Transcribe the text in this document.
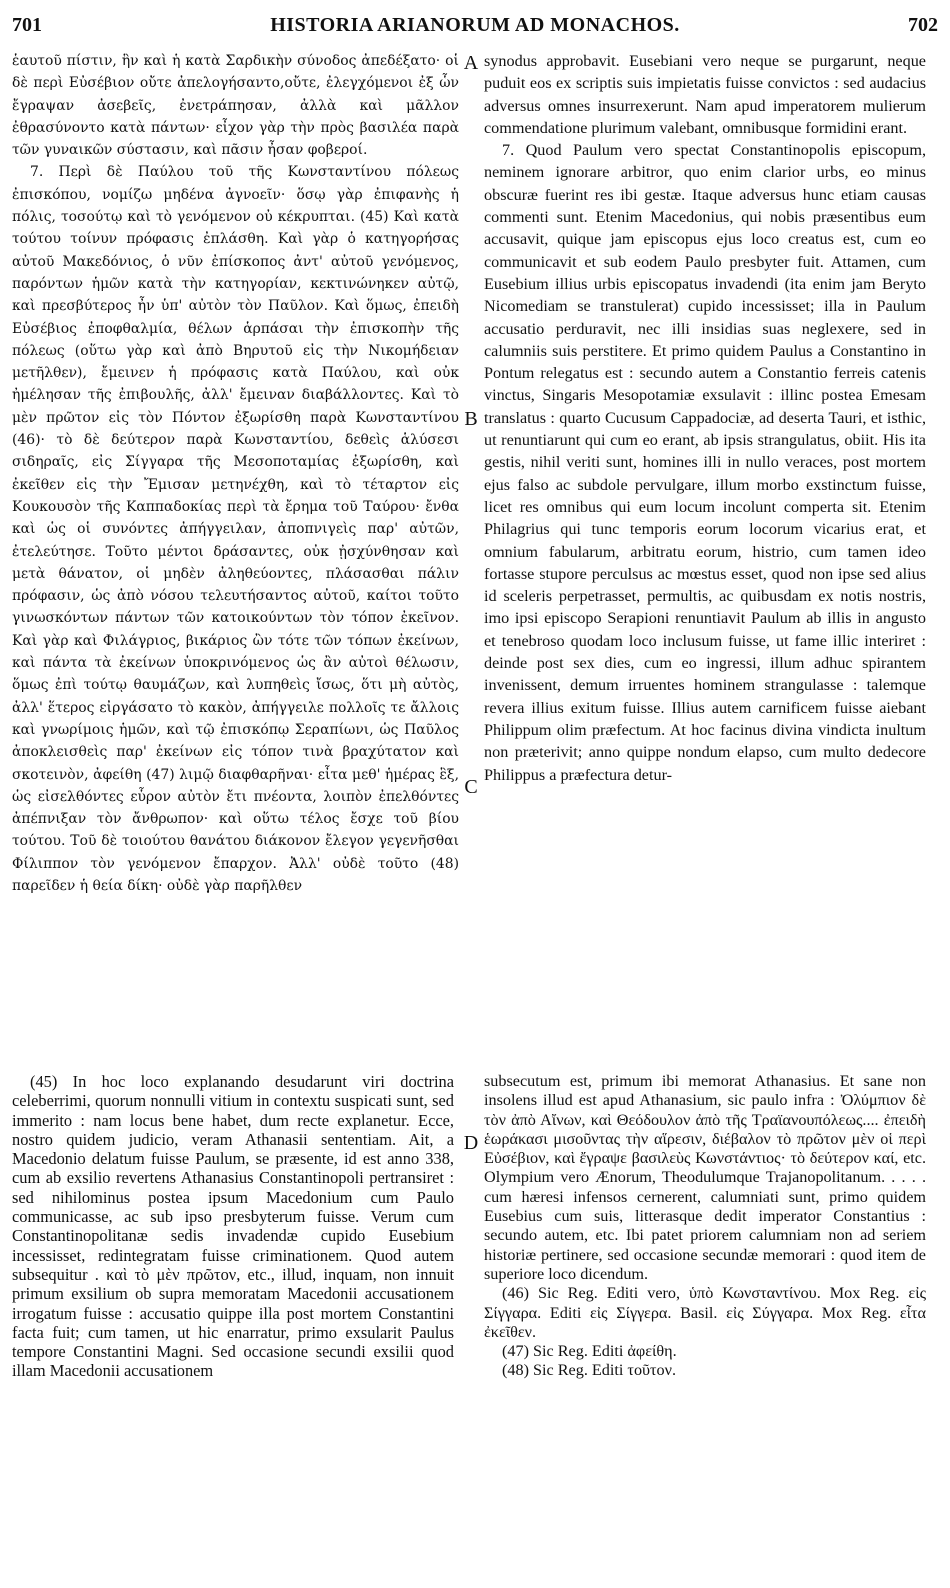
701	HISTORIA ARIANORUM AD MONACHOS.	702

ἑαυτοῦ πίστιν, ἣν καὶ ἡ κατὰ Σαρδικὴν σύνοδος ἀπεδέξατο· οἱ δὲ περὶ Εὐσέβιον οὔτε ἀπελογήσαντο,οὔτε, ἐλεγχόμενοι ἐξ ὧν ἔγραψαν ἀσεβεῖς, ἐνετράπησαν, ἀλλὰ καὶ μᾶλλον ἐθρασύνοντο κατὰ πάντων· εἶχον γὰρ τὴν πρὸς βασιλέα παρὰ τῶν γυναικῶν σύστασιν, καὶ πᾶσιν ἦσαν φοβεροί.

7. Περὶ δὲ Παύλου τοῦ τῆς Κωνσταντίνου πόλεως ἐπισκόπου, νομίζω μηδένα ἀγνοεῖν· ὅσῳ γὰρ ἐπιφανὴς ἡ πόλις, τοσούτῳ καὶ τὸ γενόμενον οὐ κέκρυπται. (45) Καὶ κατὰ τούτου τοίνυν πρόφασις ἐπλάσθη. Καὶ γὰρ ὁ κατηγορήσας αὐτοῦ Μακεδόνιος, ὁ νῦν ἐπίσκοπος ἀντ' αὐτοῦ γενόμενος, παρόντων ἡμῶν κατὰ τὴν κατηγορίαν, κεκτινώνηκεν αὐτῷ, καὶ πρεσβύτερος ἦν ὑπ' αὐτὸν τὸν Παῦλον. Καὶ ὅμως, ἐπειδὴ Εὐσέβιος ἐποφθαλμία, θέλων ἁρπάσαι τὴν ἐπισκοπὴν τῆς πόλεως (οὕτω γὰρ καὶ ἀπὸ Βηρυτοῦ εἰς τὴν Νικομήδειαν μετῆλθεν), ἔμεινεν ἡ πρόφασις κατὰ Παύλου, καὶ οὐκ ἠμέλησαν τῆς ἐπιβουλῆς, ἀλλ' ἔμειναν διαβάλλοντες. Καὶ τὸ μὲν πρῶτον εἰς τὸν Πόντον ἐξωρίσθη παρὰ Κωνσταντίνου (46)· τὸ δὲ δεύτερον παρὰ Κωνσταντίου, δεθεὶς ἁλύσεσι σιδηραῖς, εἰς Σίγγαρα τῆς Μεσοποταμίας ἐξωρίσθη, καὶ ἐκεῖθεν εἰς τὴν Ἔμισαν μετηνέχθη, καὶ τὸ τέταρτον εἰς Κουκουσὸν τῆς Καππαδοκίας περὶ τὰ ἔρημα τοῦ Ταύρου· ἔνθα καὶ ὡς οἱ συνόντες ἀπήγγειλαν, ἀποπνιγεὶς παρ' αὐτῶν, ἐτελεύτησε. Τοῦτο μέντοι δράσαντες, οὐκ ᾐσχύνθησαν καὶ μετὰ θάνατον, οἱ μηδὲν ἀληθεύοντες, πλάσασθαι πάλιν πρόφασιν, ὡς ἀπὸ νόσου τελευτήσαντος αὐτοῦ, καίτοι τοῦτο γινωσκόντων πάντων τῶν κατοικούντων τὸν τόπον ἐκεῖνον. Καὶ γὰρ καὶ Φιλάγριος, βικάριος ὢν τότε τῶν τόπων ἐκείνων, καὶ πάντα τὰ ἐκείνων ὑποκρινόμενος ὡς ἂν αὐτοὶ θέλωσιν, ὅμως ἐπὶ τούτῳ θαυμάζων, καὶ λυπηθεὶς ἴσως, ὅτι μὴ αὐτὸς, ἀλλ' ἕτερος εἰργάσατο τὸ κακὸν, ἀπήγγειλε πολλοῖς τε ἄλλοις καὶ γνωρίμοις ἡμῶν, καὶ τῷ ἐπισκόπῳ Σεραπίωνι, ὡς Παῦλος ἀποκλεισθεὶς παρ' ἐκείνων εἰς τόπον τινὰ βραχύτατον καὶ σκοτεινὸν, ἀφείθη (47) λιμῷ διαφθαρῆναι· εἶτα μεθ' ἡμέρας ἓξ, ὡς εἰσελθόντες εὗρον αὐτὸν ἔτι πνέοντα, λοιπὸν ἐπελθόντες ἀπέπνιξαν τὸν ἄνθρωπον· καὶ οὕτω τέλος ἔσχε τοῦ βίου τούτου. Τοῦ δὲ τοιούτου θανάτου διάκονον ἔλεγον γεγενῆσθαι Φίλιππον τὸν γενόμενον ἔπαρχον. Ἀλλ' οὐδὲ τοῦτο (48) παρεῖδεν ἡ θεία δίκη· οὐδὲ γὰρ παρῆλθεν

A
B
C
D

synodus approbavit. Eusebiani vero neque se purgarunt, neque puduit eos ex scriptis suis impietatis fuisse convictos : sed audacius adversus omnes insurrexerunt. Nam apud imperatorem mulierum commendatione plurimum valebant, omnibusque formidini erant.

7. Quod Paulum vero spectat Constantinopolis episcopum, neminem ignorare arbitror, quo enim clarior urbs, eo minus obscuræ fuerint res ibi gestæ. Itaque adversus hunc etiam causas commenti sunt. Etenim Macedonius, qui nobis præsentibus eum accusavit, quique jam episcopus ejus loco creatus est, cum eo communicavit et sub eodem Paulo presbyter fuit. Attamen, cum Eusebium illius urbis episcopatus invadendi (ita enim jam Beryto Nicomediam se transtulerat) cupido incessisset; illa in Paulum accusatio perduravit, nec illi insidias suas neglexere, sed in calumniis suis perstitere. Et primo quidem Paulus a Constantino in Pontum relegatus est : secundo autem a Constantio ferreis catenis vinctus, Singaris Mesopotamiæ exsulavit : illinc postea Emesam translatus : quarto Cucusum Cappadociæ, ad deserta Tauri, et isthic, ut renuntiarunt qui cum eo erant, ab ipsis strangulatus, obiit. His ita gestis, nihil veriti sunt, homines illi in nullo veraces, post mortem ejus falso ac subdole pervulgare, illum morbo exstinctum fuisse, licet res omnibus qui eum locum incolunt comperta sit. Etenim Philagrius qui tunc temporis eorum locorum vicarius erat, et omnium fabularum, arbitratu eorum, histrio, cum tamen ideo fortasse stupore perculsus ac mœstus esset, quod non ipse sed alius id sceleris perpetrasset, permultis, ac quibusdam ex notis nostris, imo ipsi episcopo Serapioni renuntiavit Paulum ab illis in angusto et tenebroso quodam loco inclusum fuisse, ut fame illic interiret : deinde post sex dies, cum eo ingressi, illum adhuc spirantem invenissent, demum irruentes hominem strangulasse : talemque revera illius exitum fuisse. Illius autem carnificem fuisse aiebant Philippum olim præfectum. At hoc facinus divina vindicta inultum non præterivit; anno quippe nondum elapso, cum multo dedecore Philippus a præfectura detur-

(45) In hoc loco explanando desudarunt viri doctrina celeberrimi, quorum nonnulli vitium in contextu suspicati sunt, sed immerito : nam locus bene habet, dum recte explanetur. Ecce, nostro quidem judicio, veram Athanasii sententiam. Ait, a Macedonio delatum fuisse Paulum, se præsente, id est anno 338, cum ab exsilio revertens Athanasius Constantinopoli pertransiret : sed nihilominus postea ipsum Macedonium cum Paulo communicasse, ac sub ipso presbyterum fuisse. Verum cum Constantinopolitanæ sedis invadendæ cupido Eusebium incessisset, redintegratam fuisse criminationem. Quod autem subsequitur . καὶ τὸ μὲν πρῶτον, etc., illud, inquam, non innuit primum exsilium ob supra memoratam Macedonii accusationem irrogatum fuisse : accusatio quippe illa post mortem Constantini facta fuit; cum tamen, ut hic enarratur, primo exsularit Paulus tempore Constantini Magni. Sed occasione secundi exsilii quod illam Macedonii accusationem

subsecutum est, primum ibi memorat Athanasius. Et sane non insolens illud est apud Athanasium, sic paulo infra : Ὀλύμπιον δὲ τὸν ἀπὸ Αἴνων, καὶ Θεόδουλον ἀπὸ τῆς Τραϊανουπόλεως.... ἐπειδὴ ἑωράκασι μισοῦντας τὴν αἵρεσιν, διέβαλον τὸ πρῶτον μὲν οἱ περὶ Εὐσέβιον, καὶ ἔγραψε βασιλεὺς Κωνστάντιος· τὸ δεύτερον καί, etc. Olympium vero Ænorum, Theodulumque Trajanopolitanum. . . . . cum hæresi infensos cernerent, calumniati sunt, primo quidem Eusebius cum suis, litterasque dedit imperator Constantius : secundo autem, etc. Ibi patet priorem calumniam non ad seriem historiæ pertinere, sed occasione secundæ memorari : quod item de superiore loco dicendum.

(46) Sic Reg. Editi vero, ὑπὸ Κωνσταντίνου. Mox Reg. εἰς Σίγγαρα. Editi εἰς Σίγγερα. Basil. εἰς Σύγγαρα. Mox Reg. εἶτα ἐκεῖθεν.

(47) Sic Reg. Editi ἀφείθη.

(48) Sic Reg. Editi τοῦτον.
